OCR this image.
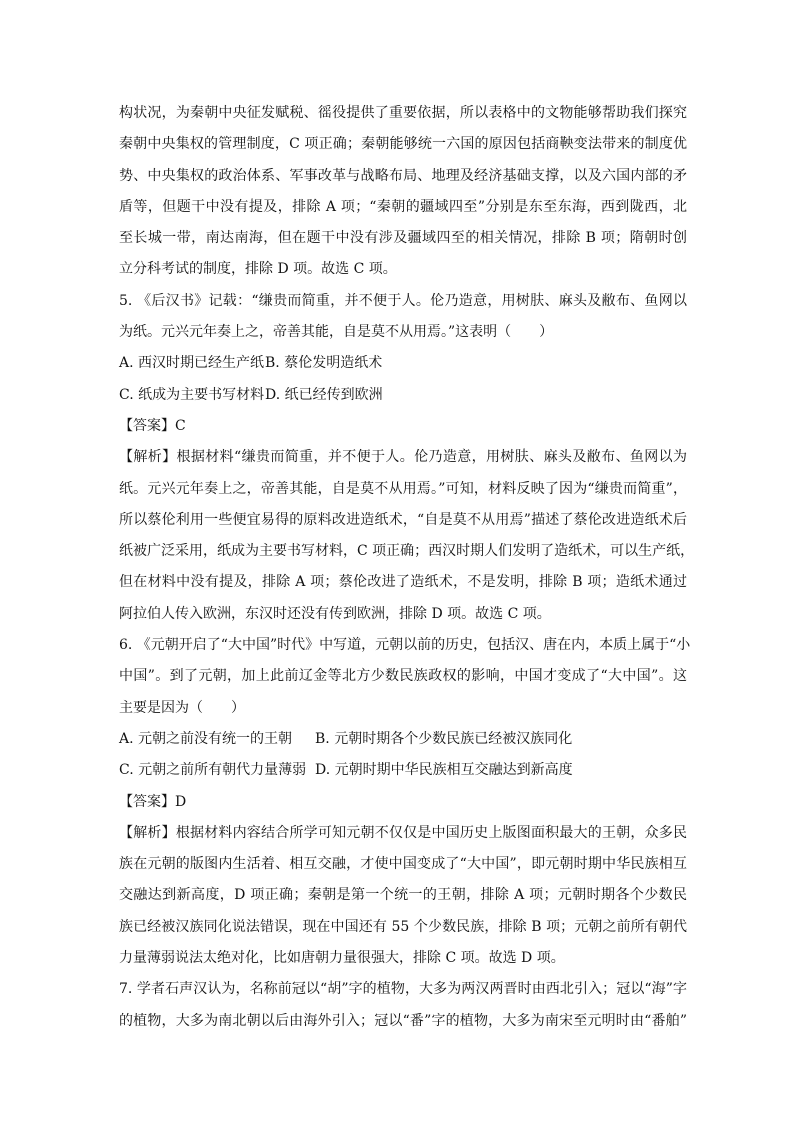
构状况，为秦朝中央征发赋税、徭役提供了重要依据，所以表格中的文物能够帮助我们探究
秦朝中央集权的管理制度，C 项正确；秦朝能够统一六国的原因包括商鞅变法带来的制度优
势、中央集权的政治体系、军事改革与战略布局、地理及经济基础支撑，以及六国内部的矛
盾等，但题干中没有提及，排除 A 项；“秦朝的疆域四至”分别是东至东海，西到陇西，北
至长城一带，南达南海，但在题干中没有涉及疆域四至的相关情况，排除 B 项；隋朝时创
立分科考试的制度，排除 D 项。故选 C 项。
5. 《后汉书》记载：“缣贵而简重，并不便于人。伦乃造意，用树肤、麻头及敝布、鱼网以
为纸。元兴元年奏上之，帝善其能，自是莫不从用焉。”这表明（　　）
A. 西汉时期已经生产纸 B. 蔡伦发明造纸术
C. 纸成为主要书写材料 D. 纸已经传到欧洲
【答案】C
【解析】根据材料“缣贵而简重，并不便于人。伦乃造意，用树肤、麻头及敝布、鱼网以为
纸。元兴元年奏上之，帝善其能，自是莫不从用焉。”可知，材料反映了因为“缣贵而简重”，
所以蔡伦利用一些便宜易得的原料改进造纸术，“自是莫不从用焉”描述了蔡伦改进造纸术后
纸被广泛采用，纸成为主要书写材料，C 项正确；西汉时期人们发明了造纸术，可以生产纸，
但在材料中没有提及，排除 A 项；蔡伦改进了造纸术，不是发明，排除 B 项；造纸术通过
阿拉伯人传入欧洲，东汉时还没有传到欧洲，排除 D 项。故选 C 项。
6. 《元朝开启了“大中国”时代》中写道，元朝以前的历史，包括汉、唐在内，本质上属于“小
中国”。到了元朝，加上此前辽金等北方少数民族政权的影响，中国才变成了“大中国”。这
主要是因为（　　）
A. 元朝之前没有统一的王朝	B. 元朝时期各个少数民族已经被汉族同化
C. 元朝之前所有朝代力量薄弱 D. 元朝时期中华民族相互交融达到新高度
【答案】D
【解析】根据材料内容结合所学可知元朝不仅仅是中国历史上版图面积最大的王朝，众多民
族在元朝的版图内生活着、相互交融，才使中国变成了“大中国”，即元朝时期中华民族相互
交融达到新高度，D 项正确；秦朝是第一个统一的王朝，排除 A 项；元朝时期各个少数民
族已经被汉族同化说法错误，现在中国还有 55 个少数民族，排除 B 项；元朝之前所有朝代
力量薄弱说法太绝对化，比如唐朝力量很强大，排除 C 项。故选 D 项。
7. 学者石声汉认为，名称前冠以“胡”字的植物，大多为两汉两晋时由西北引入；冠以“海”字
的植物，大多为南北朝以后由海外引入；冠以“番”字的植物，大多为南宋至元明时由“番舶”
